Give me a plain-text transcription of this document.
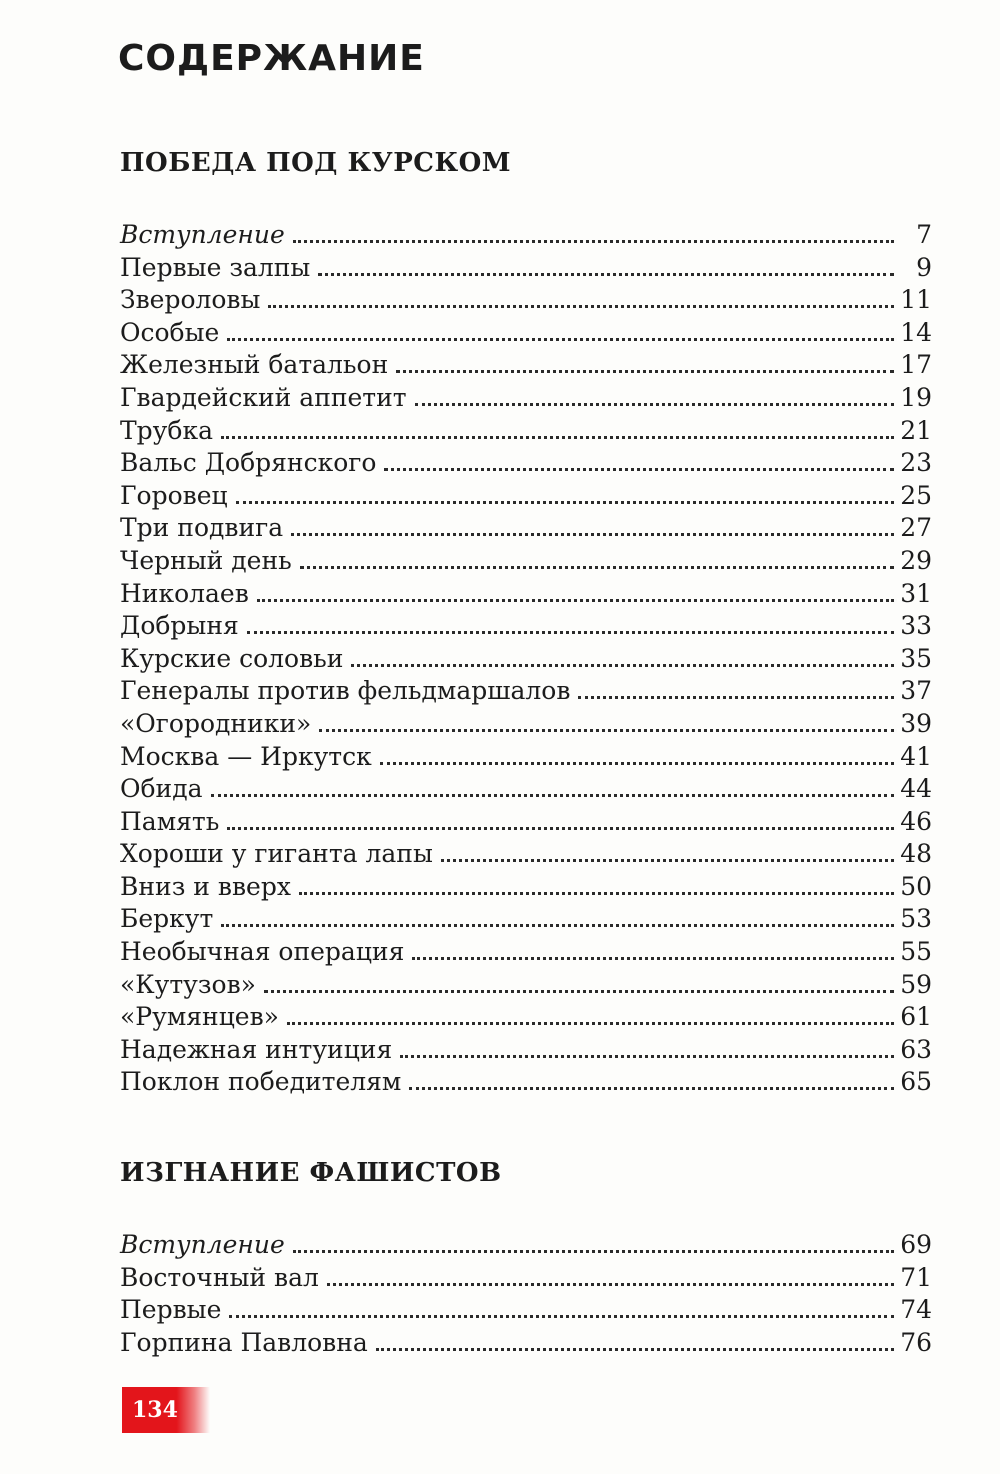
СОДЕРЖАНИЕ
ПОБЕДА ПОД КУРСКОМ
Вступление	7
Первые залпы	9
Звероловы	11
Особые	14
Железный батальон	17
Гвардейский аппетит	19
Трубка	21
Вальс Добрянского	23
Горовец	25
Три подвига	27
Черный день	29
Николаев	31
Добрыня	33
Курские соловьи	35
Генералы против фельдмаршалов	37
«Огородники»	39
Москва — Иркутск	41
Обида	44
Память	46
Хороши у гиганта лапы	48
Вниз и вверх	50
Беркут	53
Необычная операция	55
«Кутузов»	59
«Румянцев»	61
Надежная интуиция	63
Поклон победителям	65
ИЗГНАНИЕ ФАШИСТОВ
Вступление	69
Восточный вал	71
Первые	74
Горпина Павловна	76
134
